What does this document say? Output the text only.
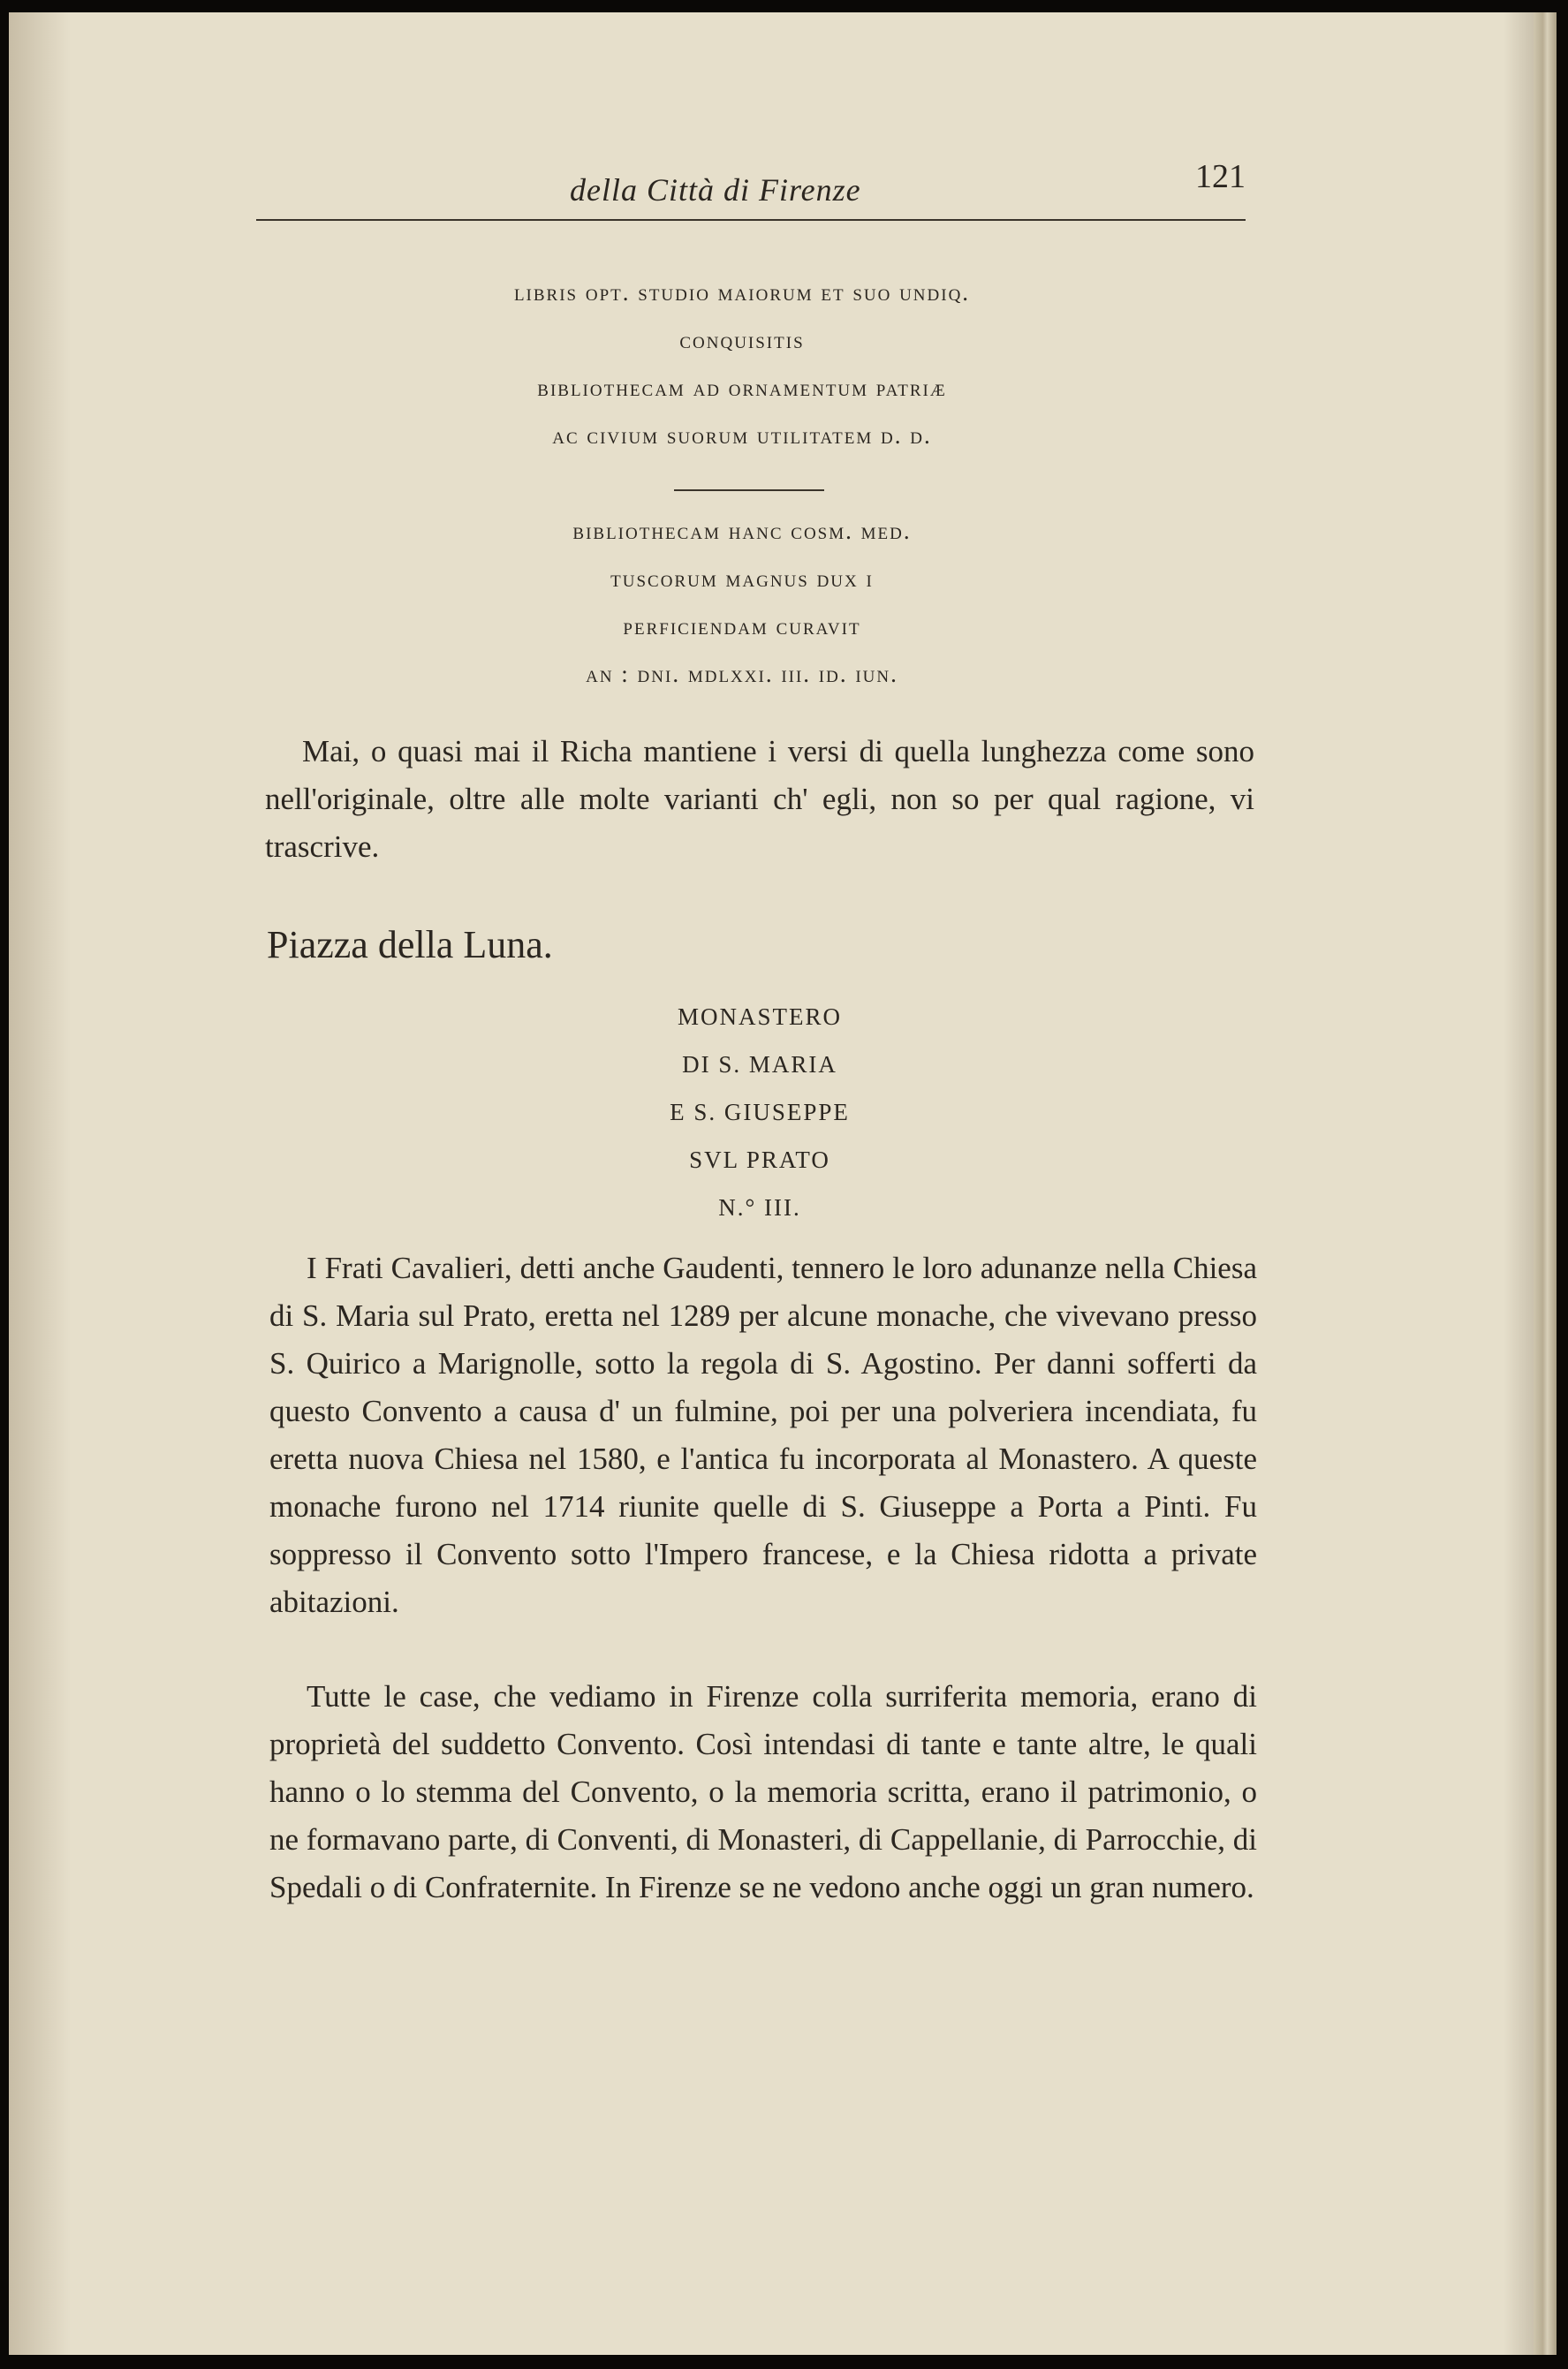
della Città di Firenze	121
libris opt. studio maiorum et suo undiq.
conquisitis
bibliothecam ad ornamentum patriæ
ac civium suorum utilitatem d. d.
bibliothecam hanc cosm. med.
tuscorum magnus dux i
perficiendam curavit
an : dni. mdlxxi. iii. id. iun.
Mai, o quasi mai il Richa mantiene i versi di quella lunghezza come sono nell'originale, oltre alle molte varianti ch' egli, non so per qual ragione, vi trascrive.
Piazza della Luna.
MONASTERO
DI S. MARIA
E S. GIUSEPPE
SVL PRATO
N.° III.
I Frati Cavalieri, detti anche Gaudenti, tennero le loro adunanze nella Chiesa di S. Maria sul Prato, eretta nel 1289 per alcune monache, che vivevano presso S. Quirico a Marignolle, sotto la regola di S. Agostino. Per danni sofferti da questo Convento a causa d' un fulmine, poi per una polveriera incendiata, fu eretta nuova Chiesa nel 1580, e l'antica fu incorporata al Monastero. A queste monache furono nel 1714 riunite quelle di S. Giuseppe a Porta a Pinti. Fu soppresso il Convento sotto l'Impero francese, e la Chiesa ridotta a private abitazioni.
Tutte le case, che vediamo in Firenze colla surriferita memoria, erano di proprietà del suddetto Convento. Così intendasi di tante e tante altre, le quali hanno o lo stemma del Convento, o la memoria scritta, erano il patrimonio, o ne formavano parte, di Conventi, di Monasteri, di Cappellanie, di Parrocchie, di Spedali o di Confraternite. In Firenze se ne vedono anche oggi un gran numero.
